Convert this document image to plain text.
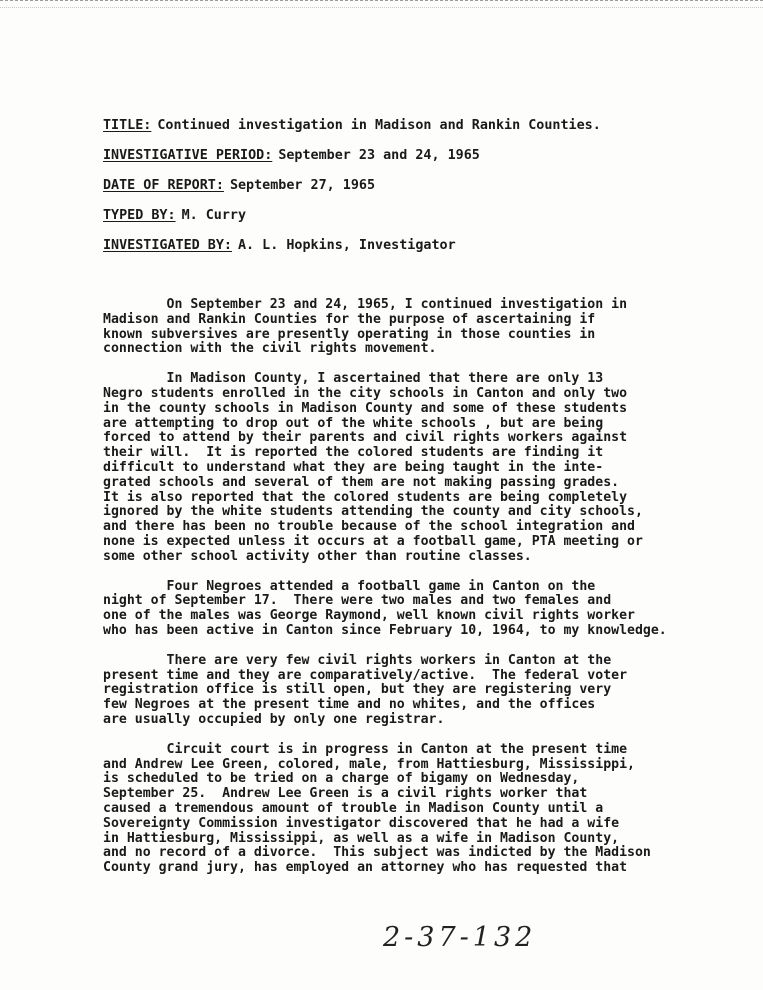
TITLE: Continued investigation in Madison and Rankin Counties.
INVESTIGATIVE PERIOD: September 23 and 24, 1965
DATE OF REPORT: September 27, 1965
TYPED BY: M. Curry
INVESTIGATED BY: A. L. Hopkins, Investigator

On September 23 and 24, 1965, I continued investigation in
Madison and Rankin Counties for the purpose of ascertaining if
known subversives are presently operating in those counties in
connection with the civil rights movement.

In Madison County, I ascertained that there are only 13
Negro students enrolled in the city schools in Canton and only two
in the county schools in Madison County and some of these students
are attempting to drop out of the white schools , but are being
forced to attend by their parents and civil rights workers against
their will.  It is reported the colored students are finding it
difficult to understand what they are being taught in the inte-
grated schools and several of them are not making passing grades.
It is also reported that the colored students are being completely
ignored by the white students attending the county and city schools,
and there has been no trouble because of the school integration and
none is expected unless it occurs at a football game, PTA meeting or
some other school activity other than routine classes.

Four Negroes attended a football game in Canton on the
night of September 17.  There were two males and two females and
one of the males was George Raymond, well known civil rights worker
who has been active in Canton since February 10, 1964, to my knowledge.

There are very few civil rights workers in Canton at the
present time and they are comparatively/active.  The federal voter
registration office is still open, but they are registering very
few Negroes at the present time and no whites, and the offices
are usually occupied by only one registrar.

Circuit court is in progress in Canton at the present time
and Andrew Lee Green, colored, male, from Hattiesburg, Mississippi,
is scheduled to be tried on a charge of bigamy on Wednesday,
September 25.  Andrew Lee Green is a civil rights worker that
caused a tremendous amount of trouble in Madison County until a
Sovereignty Commission investigator discovered that he had a wife
in Hattiesburg, Mississippi, as well as a wife in Madison County,
and no record of a divorce.  This subject was indicted by the Madison
County grand jury, has employed an attorney who has requested that

2-37-132
